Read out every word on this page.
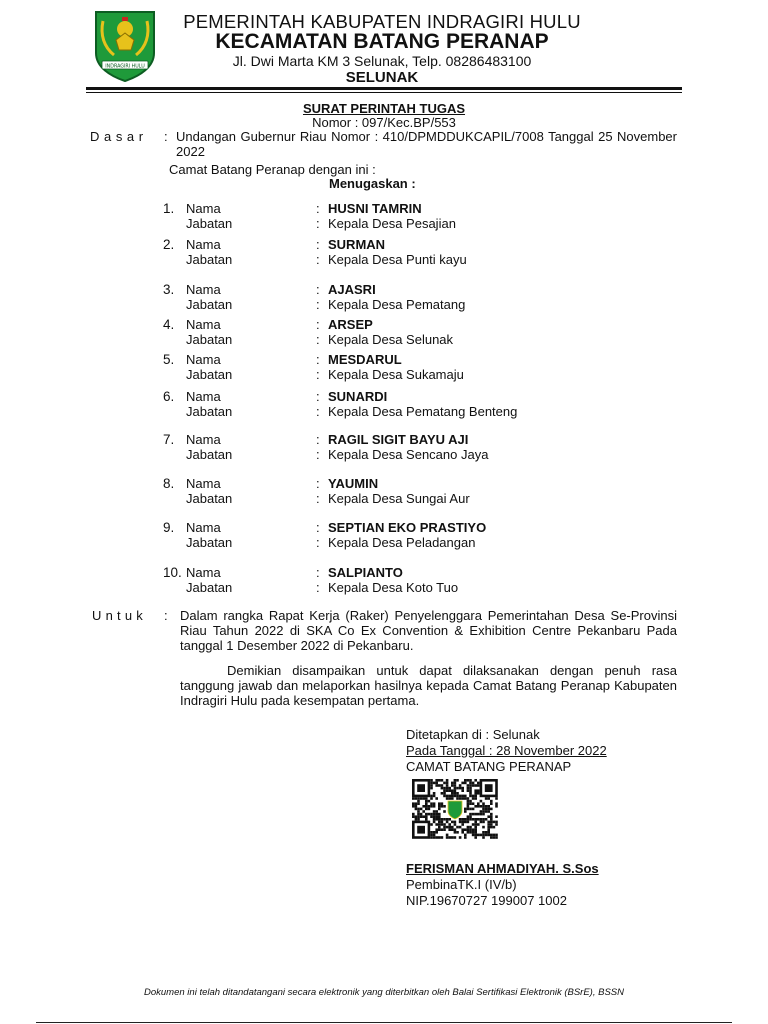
INDRAGIRI HULU
PEMERINTAH KABUPATEN INDRAGIRI HULU
KECAMATAN BATANG PERANAP
Jl. Dwi Marta KM 3 Selunak, Telp. 08286483100
SELUNAK
SURAT PERINTAH TUGAS
Nomor : 097/Kec.BP/553
Dasar : Undangan Gubernur Riau Nomor : 410/DPMDDUKCAPIL/7008 Tanggal 25 November 2022
Camat Batang Peranap dengan ini :
Menugaskan :
1. Nama	: HUSNI TAMRIN
Jabatan	: Kepala Desa Pesajian
2. Nama	: SURMAN
Jabatan	: Kepala Desa Punti kayu
3. Nama	: AJASRI
Jabatan	: Kepala Desa Pematang
4. Nama	: ARSEP
Jabatan	: Kepala Desa Selunak
5. Nama	: MESDARUL
Jabatan	: Kepala Desa Sukamaju
6. Nama	: SUNARDI
Jabatan	: Kepala Desa Pematang Benteng
7. Nama	: RAGIL SIGIT BAYU AJI
Jabatan	: Kepala Desa Sencano Jaya
8. Nama	: YAUMIN
Jabatan	: Kepala Desa Sungai Aur
9. Nama	: SEPTIAN EKO PRASTIYO
Jabatan	: Kepala Desa Peladangan
10. Nama	: SALPIANTO
Jabatan	: Kepala Desa Koto Tuo
Untuk : Dalam rangka Rapat Kerja (Raker) Penyelenggara Pemerintahan Desa Se-Provinsi Riau Tahun 2022 di SKA Co Ex Convention & Exhibition Centre Pekanbaru Pada tanggal 1 Desember 2022 di Pekanbaru.
Demikian disampaikan untuk dapat dilaksanakan dengan penuh rasa tanggung jawab dan melaporkan hasilnya kepada Camat Batang Peranap Kabupaten Indragiri Hulu pada kesempatan pertama.
Ditetapkan di : Selunak
Pada Tanggal : 28 November 2022
CAMAT BATANG PERANAP
FERISMAN AHMADIYAH. S.Sos
PembinaTK.I (IV/b)
NIP.19670727 199007 1002
Dokumen ini telah ditandatangani secara elektronik yang diterbitkan oleh Balai Sertifikasi Elektronik (BSrE), BSSN
